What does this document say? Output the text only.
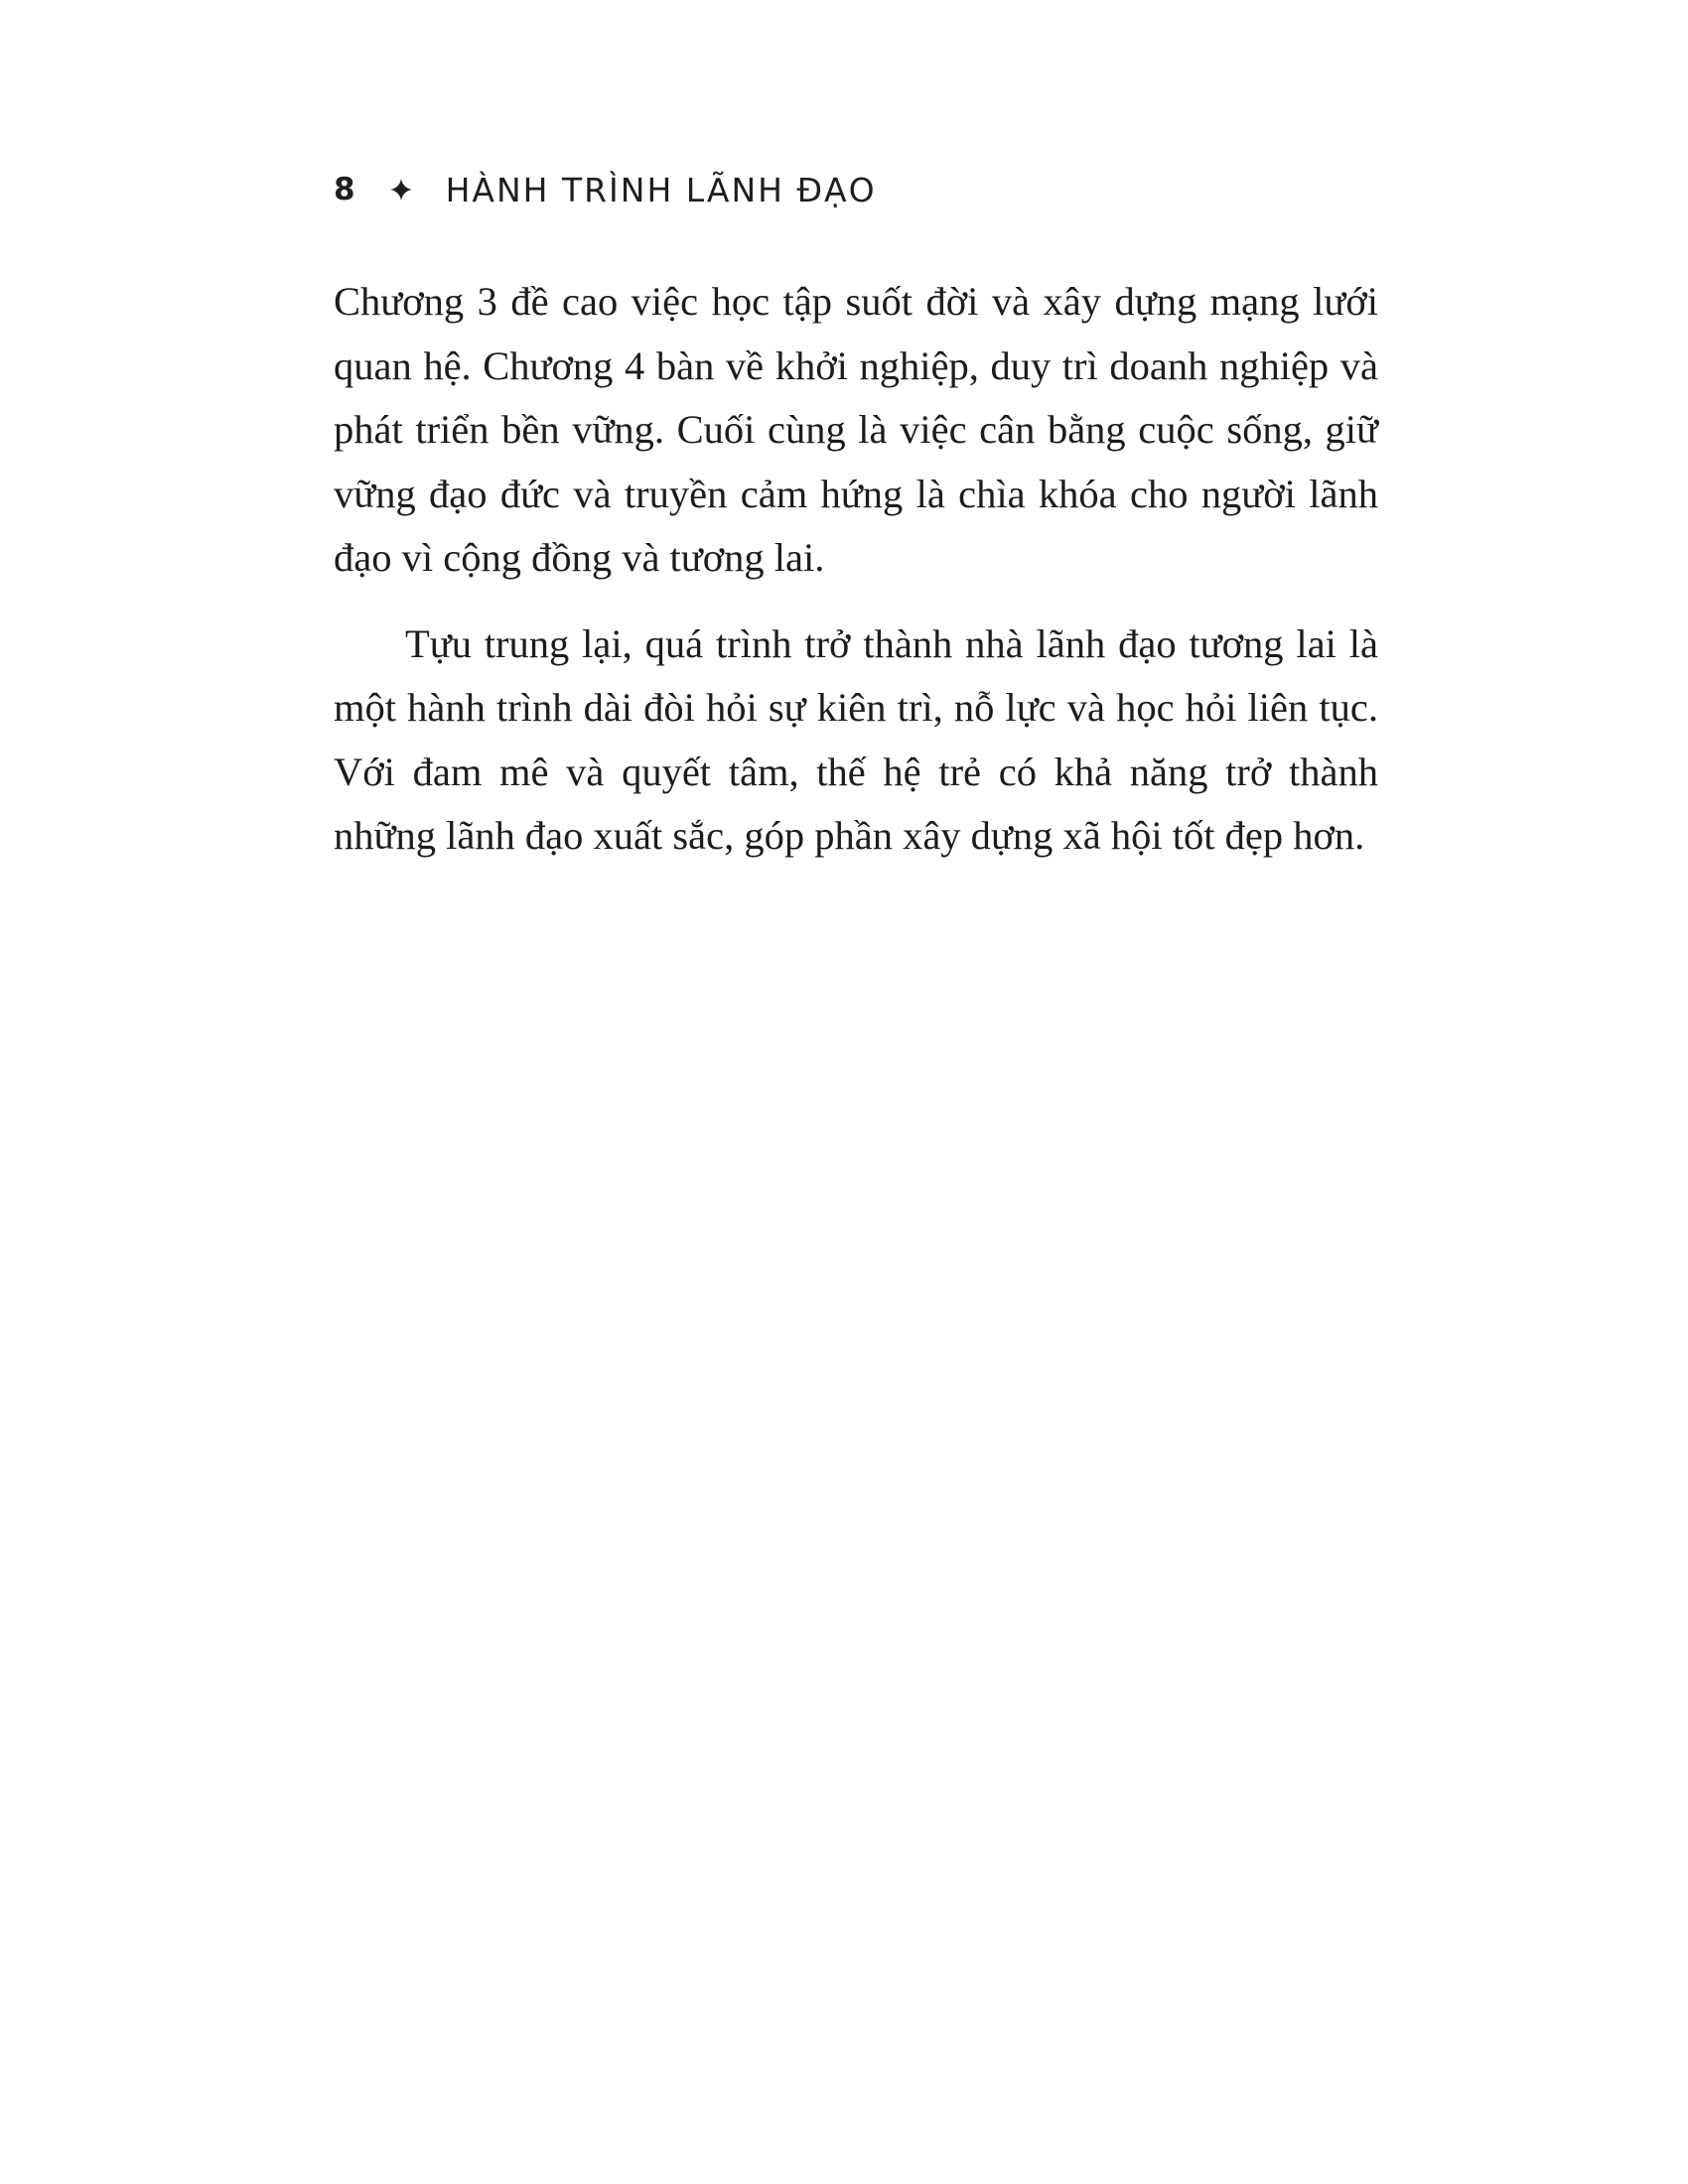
8	HÀNH TRÌNH LÃNH ĐẠO

Chương 3 đề cao việc học tập suốt đời và xây dựng mạng lưới quan hệ. Chương 4 bàn về khởi nghiệp, duy trì doanh nghiệp và phát triển bền vững. Cuối cùng là việc cân bằng cuộc sống, giữ vững đạo đức và truyền cảm hứng là chìa khóa cho người lãnh đạo vì cộng đồng và tương lai.

Tựu trung lại, quá trình trở thành nhà lãnh đạo tương lai là một hành trình dài đòi hỏi sự kiên trì, nỗ lực và học hỏi liên tục. Với đam mê và quyết tâm, thế hệ trẻ có khả năng trở thành những lãnh đạo xuất sắc, góp phần xây dựng xã hội tốt đẹp hơn.
